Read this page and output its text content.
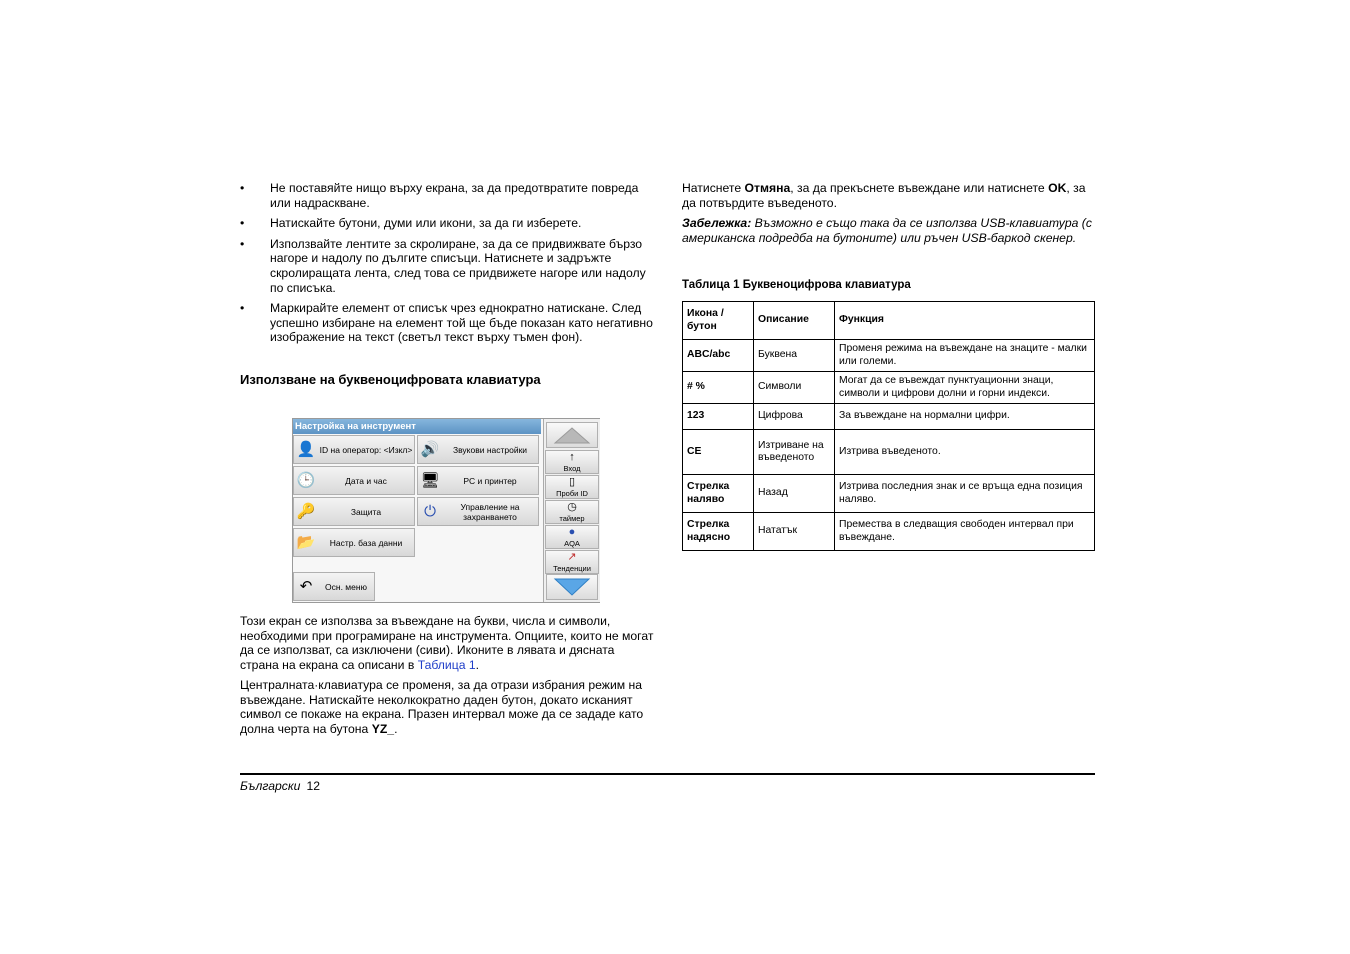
• Не поставяйте нищо върху екрана, за да предотвратите повреда или надраскване.
• Натискайте бутони, думи или икони, за да ги изберете.
• Използвайте лентите за скролиране, за да се придвижвате бързо нагоре и надолу по дългите списъци. Натиснете и задръжте скролиращата лента, след това се придвижете нагоре или надолу по списъка.
• Маркирайте елемент от списък чрез еднократно натискане. След успешно избиране на елемент той ще бъде показан като негативно изображение на текст (светъл текст върху тъмен фон).
Използване на буквеноцифровата клавиатура
Настройка на инструмент
👤 ID на оператор: <Изкл> 🔊	Звукови настройки
🕒	Дата и час	🖥	PC и принтер
🔑	Защита	⏻	Управление на захранването
📂	Настр. база данни
↶	Осн. меню
↑
Вход
▯
Проби ID
◷
таймер
●
AQA
↗
Тенденции

Този екран се използва за въвеждане на букви, числа и символи, необходими при програмиране на инструмента. Опциите, които не могат да се използват, са изключени (сиви). Иконите в лявата и дясната страна на екрана са описани в Таблица 1.

Централната·клавиатура се променя, за да отрази избрания режим на въвеждане. Натискайте неколкократно даден бутон, докато исканият символ се покаже на екрана. Празен интервал може да се зададе като долна черта на бутона YZ_.

Натиснете Отмяна, за да прекъснете въвеждане или натиснете OK, за да потвърдите въведеното.

Забележка: Възможно е също така да се използва USB-клавиатура (с американска подредба на бутоните) или ръчен USB-баркод скенер.

Таблица 1 Буквеноцифрова клавиатура
Икона / бутон	Описание	Функция
ABC/abc	Буквена	Променя режима на въвеждане на знаците - малки или големи.
# %	Символи	Могат да се въвеждат пунктуационни знаци, символи и цифрови долни и горни индекси.
123	Цифрова	За въвеждане на нормални цифри.
CE	Изтриване на въведеното	Изтрива въведеното.
Стрелка наляво	Назад	Изтрива последния знак и се връща една позиция наляво.
Стрелка надясно	Нататък	Премества в следващия свободен интервал при въвеждане.
Български 12
